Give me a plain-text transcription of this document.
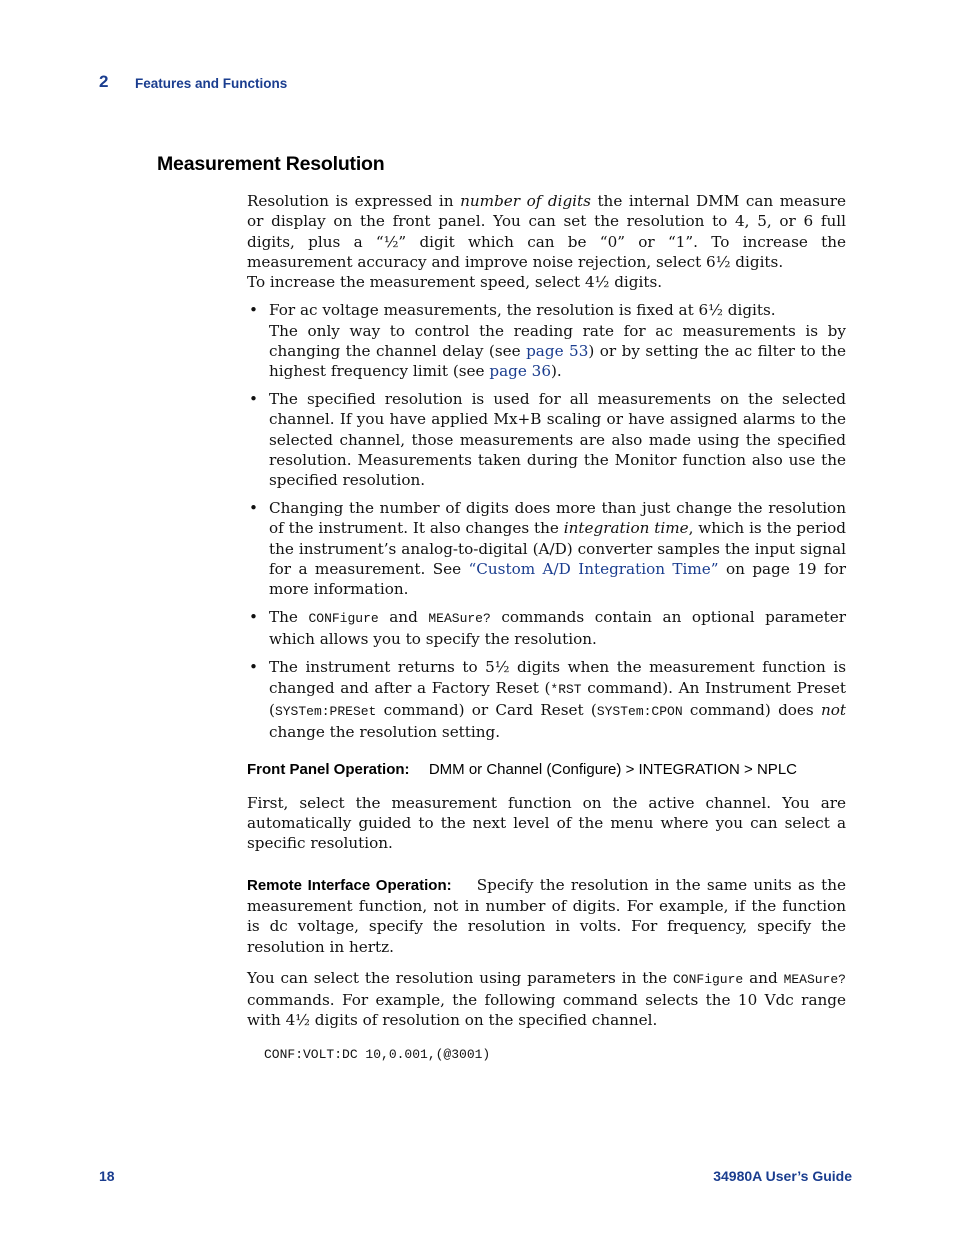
2 Features and Functions
Measurement Resolution

Resolution is expressed in number of digits the internal DMM can measure or display on the front panel. You can set the resolution to 4, 5, or 6 full digits, plus a “½” digit which can be “0” or “1”. To increase the measurement accuracy and improve noise rejection, select 6½ digits.
To increase the measurement speed, select 4½ digits.

• For ac voltage measurements, the resolution is fixed at 6½ digits.
The only way to control the reading rate for ac measurements is by changing the channel delay (see page 53) or by setting the ac filter to the highest frequency limit (see page 36).
• The specified resolution is used for all measurements on the selected channel. If you have applied Mx+B scaling or have assigned alarms to the selected channel, those measurements are also made using the specified resolution. Measurements taken during the Monitor function also use the specified resolution.
• Changing the number of digits does more than just change the resolution of the instrument. It also changes the integration time, which is the period the instrument’s analog-to-digital (A/D) converter samples the input signal for a measurement. See “Custom A/D Integration Time” on page 19 for more information.
• The CONFigure and MEASure? commands contain an optional parameter which allows you to specify the resolution.
• The instrument returns to 5½ digits when the measurement function is changed and after a Factory Reset (*RST command). An Instrument Preset (SYSTem:PRESet command) or Card Reset (SYSTem:CPON command) does not change the resolution setting.
Front Panel Operation: DMM or Channel (Configure) > INTEGRATION > NPLC

First, select the measurement function on the active channel. You are automatically guided to the next level of the menu where you can select a specific resolution.

Remote Interface Operation: Specify the resolution in the same units as the measurement function, not in number of digits. For example, if the function is dc voltage, specify the resolution in volts. For frequency, specify the resolution in hertz.

You can select the resolution using parameters in the CONFigure and MEASure? commands. For example, the following command selects the 10 Vdc range with 4½ digits of resolution on the specified channel.

CONF:VOLT:DC 10,0.001,(@3001)
18	34980A User’s Guide
